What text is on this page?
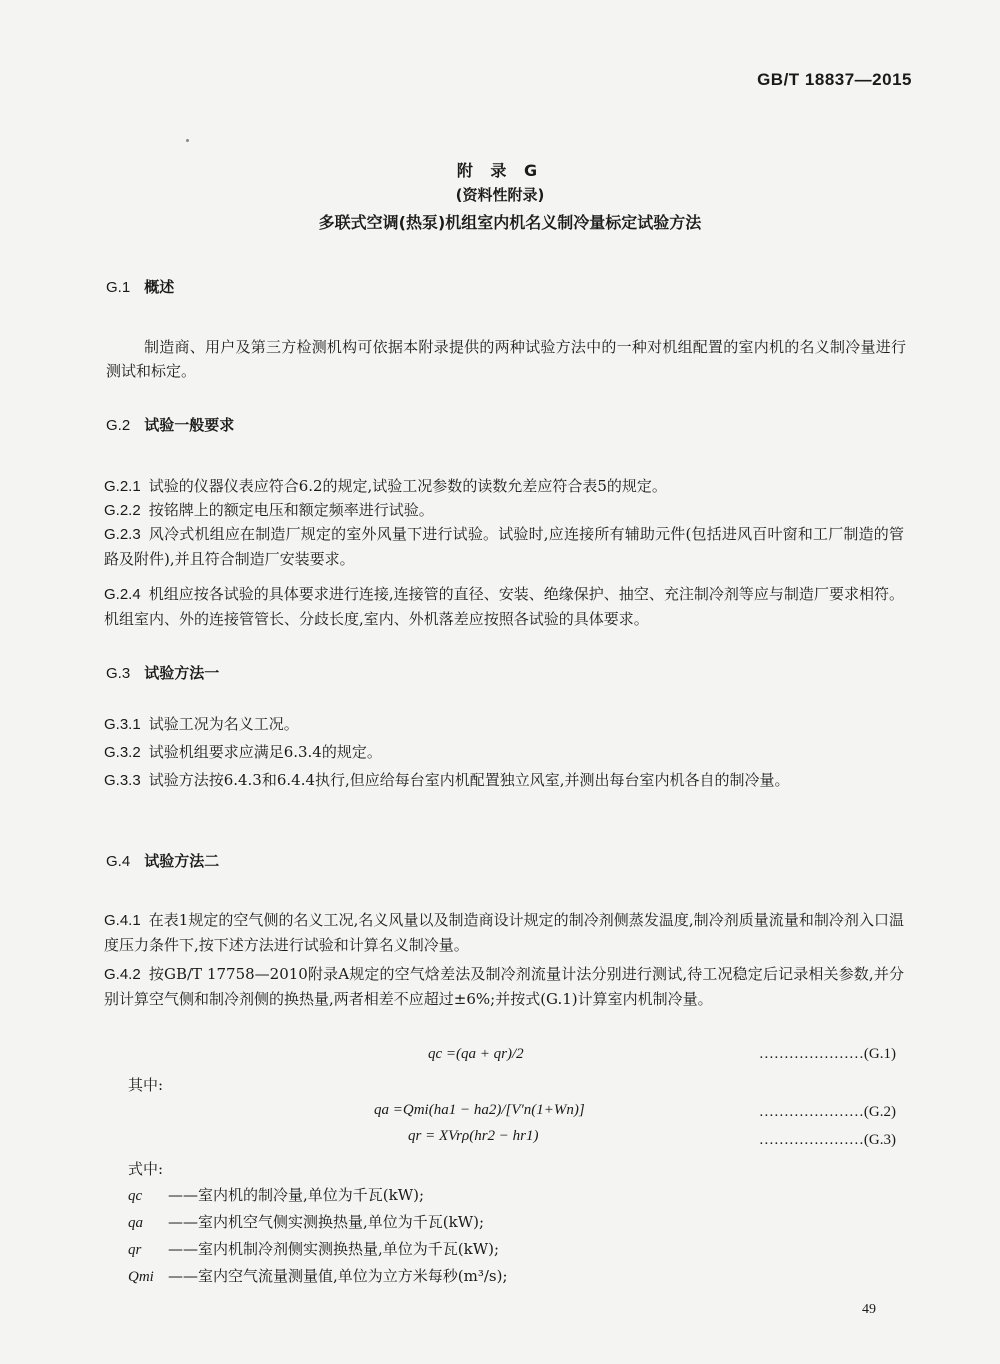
GB/T 18837—2015
附 录 G
(资料性附录)
多联式空调(热泵)机组室内机名义制冷量标定试验方法
G.1 概述
制造商、用户及第三方检测机构可依据本附录提供的两种试验方法中的一种对机组配置的室内机的名义制冷量进行测试和标定。
G.2 试验一般要求
G.2.1 试验的仪器仪表应符合6.2的规定,试验工况参数的读数允差应符合表5的规定。
G.2.2 按铭牌上的额定电压和额定频率进行试验。
G.2.3 风冷式机组应在制造厂规定的室外风量下进行试验。试验时,应连接所有辅助元件(包括进风百叶窗和工厂制造的管路及附件),并且符合制造厂安装要求。
G.2.4 机组应按各试验的具体要求进行连接,连接管的直径、安装、绝缘保护、抽空、充注制冷剂等应与制造厂要求相符。机组室内、外的连接管管长、分歧长度,室内、外机落差应按照各试验的具体要求。
G.3 试验方法一
G.3.1 试验工况为名义工况。
G.3.2 试验机组要求应满足6.3.4的规定。
G.3.3 试验方法按6.4.3和6.4.4执行,但应给每台室内机配置独立风室,并测出每台室内机各自的制冷量。
G.4 试验方法二
G.4.1 在表1规定的空气侧的名义工况,名义风量以及制造商设计规定的制冷剂侧蒸发温度,制冷剂质量流量和制冷剂入口温度压力条件下,按下述方法进行试验和计算名义制冷量。
G.4.2 按GB/T 17758—2010附录A规定的空气焓差法及制冷剂流量计法分别进行测试,待工况稳定后记录相关参数,并分别计算空气侧和制冷剂侧的换热量,两者相差不应超过±6%;并按式(G.1)计算室内机制冷量。
qc =(qa + qr)/2	…………………(G.1)
其中:
qa =Qmi(ha1 − ha2)/[V′n(1+Wn)]	…………………(G.2)
qr = XVrρ(hr2 − hr1)	…………………(G.3)
式中:
qc ——室内机的制冷量,单位为千瓦(kW);
qa ——室内机空气侧实测换热量,单位为千瓦(kW);
qr ——室内机制冷剂侧实测换热量,单位为千瓦(kW);
Qmi ——室内空气流量测量值,单位为立方米每秒(m³/s);
49
